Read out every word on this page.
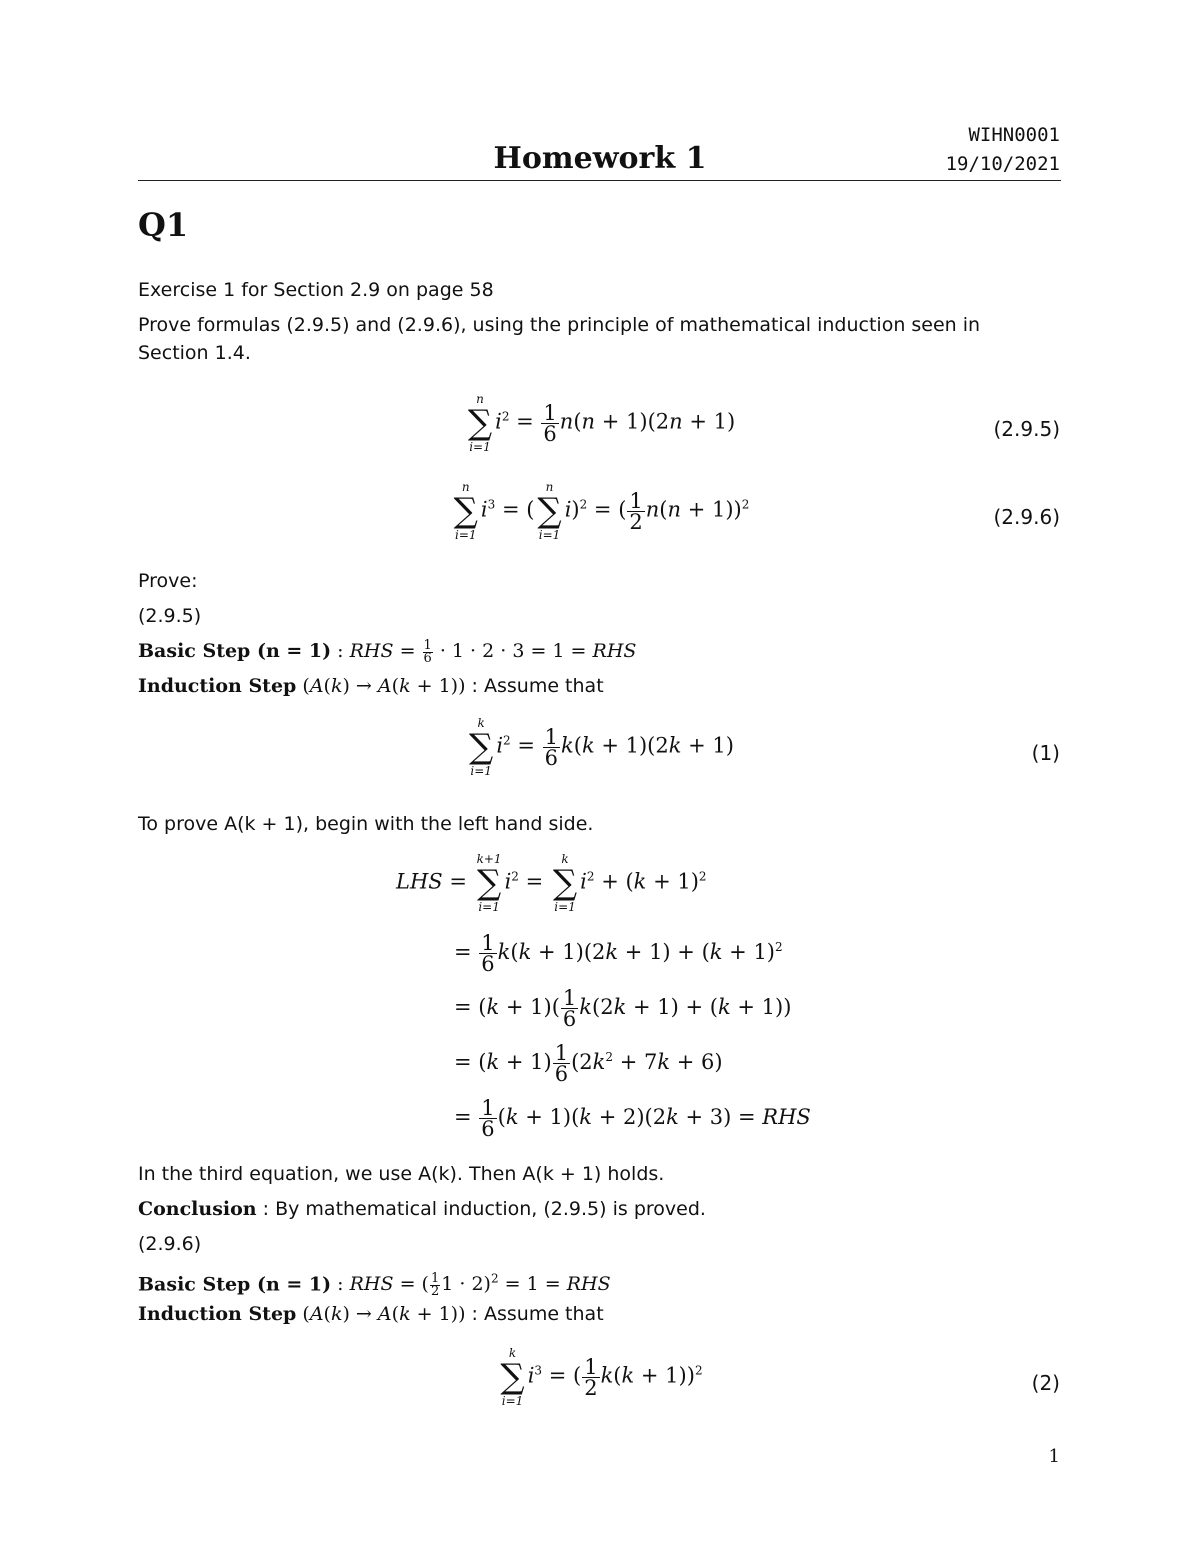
WIHN0001
Homework 1	19/10/2021
Q1
Exercise 1 for Section 2.9 on page 58
Prove formulas (2.9.5) and (2.9.6), using the principle of mathematical induction seen in
Section 1.4.
n
∑
i=1
$i^2 = \frac{1}{6} n(n + 1)(2n + 1)$	(2.9.5)
n
∑
i=1
$i^3$ = (
n
∑
i=1
i)$^2$ = ( $\frac{1}{2} n(n + 1))^2$
(2.9.6)
Prove:
(2.9.5)
Basic Step (n = 1) : RHS = $\frac{1}{6} \cdot 1 \cdot 2 \cdot 3 = 1$ = RHS
Induction Step (A(k) → A(k + 1)) : Assume that
k
∑
i=1
$i^2 = \frac{1}{6} k(k + 1)(2k + 1)$	(1)
To prove A(k + 1), begin with the left hand side.
LHS =
k+1
∑
i=1
$i^2$ =
k
∑
i=1
$i^2 + (k + 1)^2$
= $\frac{1}{6} k(k + 1)(2k + 1) + (k + 1)^2$
= $(k + 1)( \frac{1}{6} k(2k + 1) + (k + 1))$
= $(k + 1) \frac{1}{6} (2k^2 + 7k + 6)$
= $\frac{1}{6} (k + 1)(k + 2)(2k + 3)$ = RHS
In the third equation, we use A(k). Then A(k + 1) holds.
Conclusion : By mathematical induction, (2.9.5) is proved.
(2.9.6)
Basic Step (n = 1) : RHS = ( $\frac{1}{2} 1 \cdot 2)^2 = 1$ = RHS
Induction Step (A(k) → A(k + 1)) : Assume that
k
∑
i=1
$i^3$ = ( $\frac{1}{2} k(k + 1))^2$
(2)
1
